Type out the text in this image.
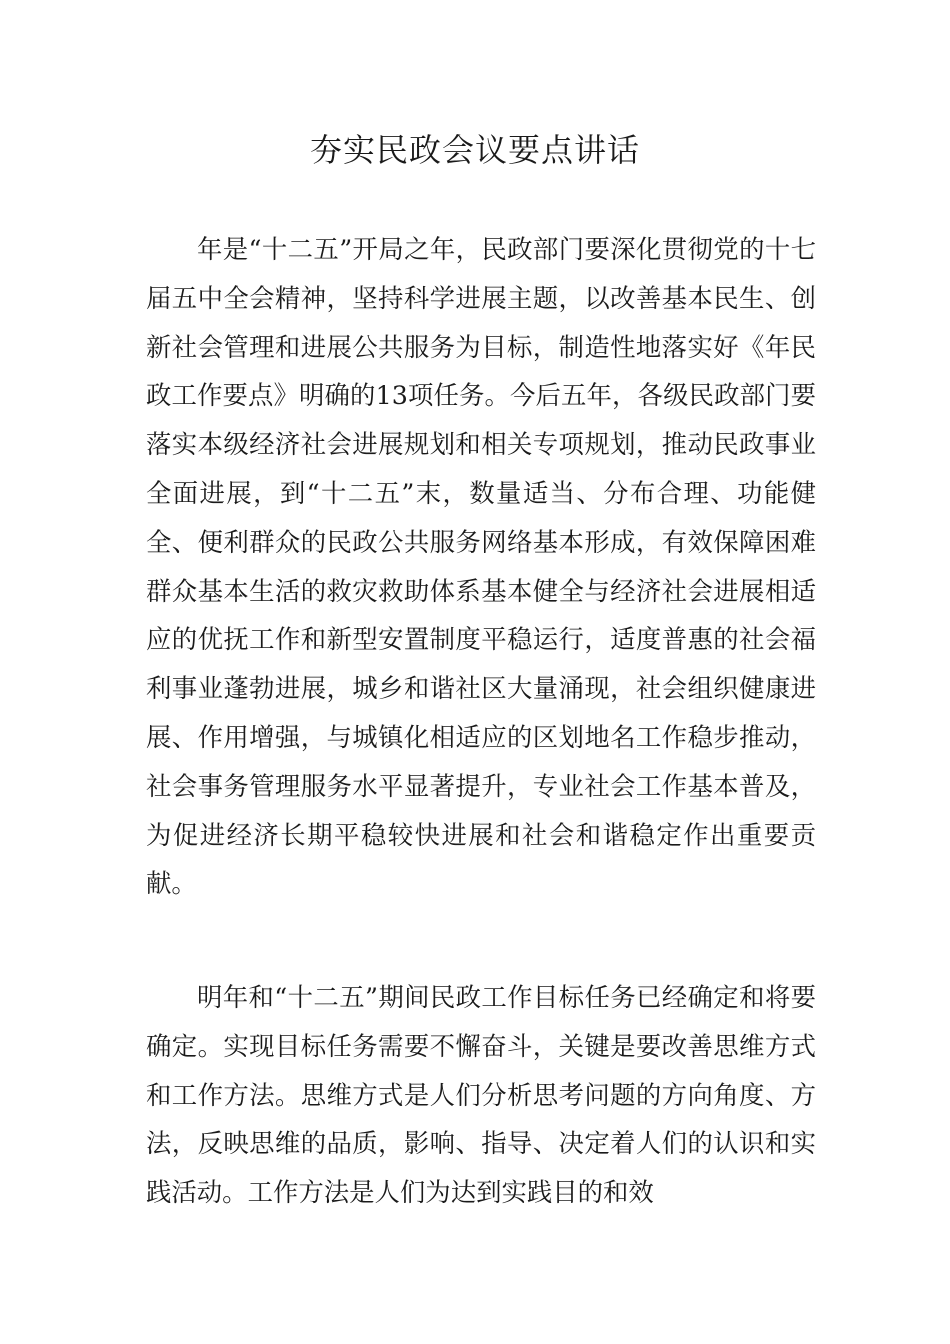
夯实民政会议要点讲话

年是“十二五”开局之年，民政部门要深化贯彻党的十七届五中全会精神，坚持科学进展主题，以改善基本民生、创新社会管理和进展公共服务为目标，制造性地落实好《年民政工作要点》明确的13项任务。今后五年，各级民政部门要落实本级经济社会进展规划和相关专项规划，推动民政事业全面进展，到“十二五”末，数量适当、分布合理、功能健全、便利群众的民政公共服务网络基本形成，有效保障困难群众基本生活的救灾救助体系基本健全与经济社会进展相适应的优抚工作和新型安置制度平稳运行，适度普惠的社会福利事业蓬勃进展，城乡和谐社区大量涌现，社会组织健康进展、作用增强，与城镇化相适应的区划地名工作稳步推动，社会事务管理服务水平显著提升，专业社会工作基本普及，为促进经济长期平稳较快进展和社会和谐稳定作出重要贡献。

明年和“十二五”期间民政工作目标任务已经确定和将要确定。实现目标任务需要不懈奋斗，关键是要改善思维方式和工作方法。思维方式是人们分析思考问题的方向角度、方法，反映思维的品质，影响、指导、决定着人们的认识和实践活动。工作方法是人们为达到实践目的和效
